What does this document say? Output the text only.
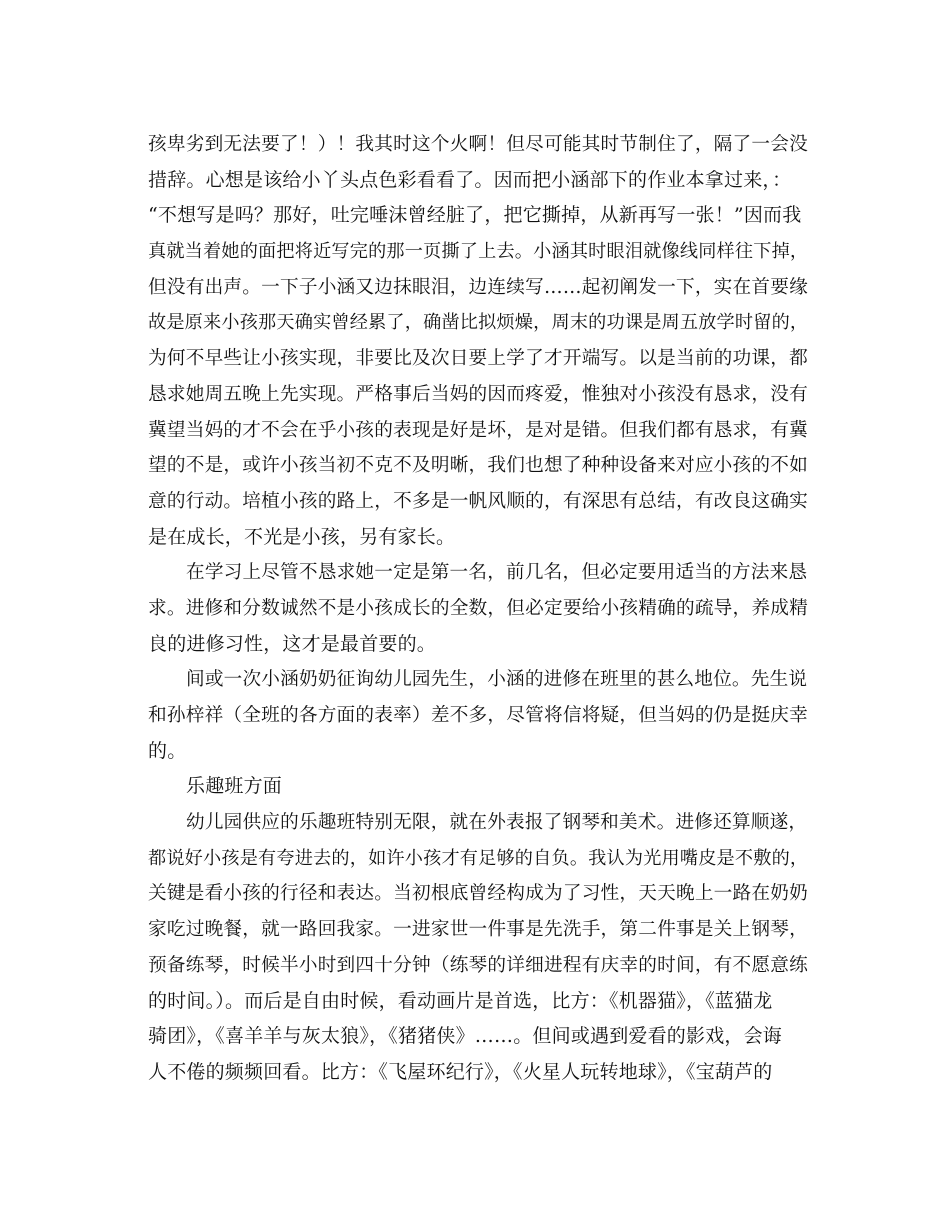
孩卑劣到无法要了！）！我其时这个火啊！但尽可能其时节制住了，隔了一会没
措辞。心想是该给小丫头点色彩看看了。因而把小涵部下的作业本拿过来，：
“不想写是吗？那好，吐完唾沫曾经脏了，把它撕掉，从新再写一张！”因而我
真就当着她的面把将近写完的那一页撕了上去。小涵其时眼泪就像线同样往下掉，
但没有出声。一下子小涵又边抹眼泪，边连续写……起初阐发一下，实在首要缘
故是原来小孩那天确实曾经累了，确凿比拟烦燥，周末的功课是周五放学时留的，
为何不早些让小孩实现，非要比及次日要上学了才开端写。以是当前的功课，都
恳求她周五晚上先实现。严格事后当妈的因而疼爱，惟独对小孩没有恳求，没有
冀望当妈的才不会在乎小孩的表现是好是坏，是对是错。但我们都有恳求，有冀
望的不是，或许小孩当初不克不及明晰，我们也想了种种设备来对应小孩的不如
意的行动。培植小孩的路上，不多是一帆风顺的，有深思有总结，有改良这确实
是在成长，不光是小孩，另有家长。
在学习上尽管不恳求她一定是第一名，前几名，但必定要用适当的方法来恳
求。进修和分数诚然不是小孩成长的全数，但必定要给小孩精确的疏导，养成精
良的进修习性，这才是最首要的。
间或一次小涵奶奶征询幼儿园先生，小涵的进修在班里的甚么地位。先生说
和孙梓祥（全班的各方面的表率）差不多，尽管将信将疑，但当妈的仍是挺庆幸
的。
乐趣班方面
幼儿园供应的乐趣班特别无限，就在外表报了钢琴和美术。进修还算顺遂，
都说好小孩是有夸进去的，如许小孩才有足够的自负。我认为光用嘴皮是不敷的，
关键是看小孩的行径和表达。当初根底曾经构成为了习性，天天晚上一路在奶奶
家吃过晚餐，就一路回我家。一进家世一件事是先洗手，第二件事是关上钢琴，
预备练琴，时候半小时到四十分钟（练琴的详细进程有庆幸的时间，有不愿意练
的时间。）。而后是自由时候，看动画片是首选，比方：《机器猫》，《蓝猫龙
骑团》，《喜羊羊与灰太狼》，《猪猪侠》……。但间或遇到爱看的影戏，会诲
人不倦的频频回看。比方：《飞屋环纪行》，《火星人玩转地球》，《宝葫芦的
